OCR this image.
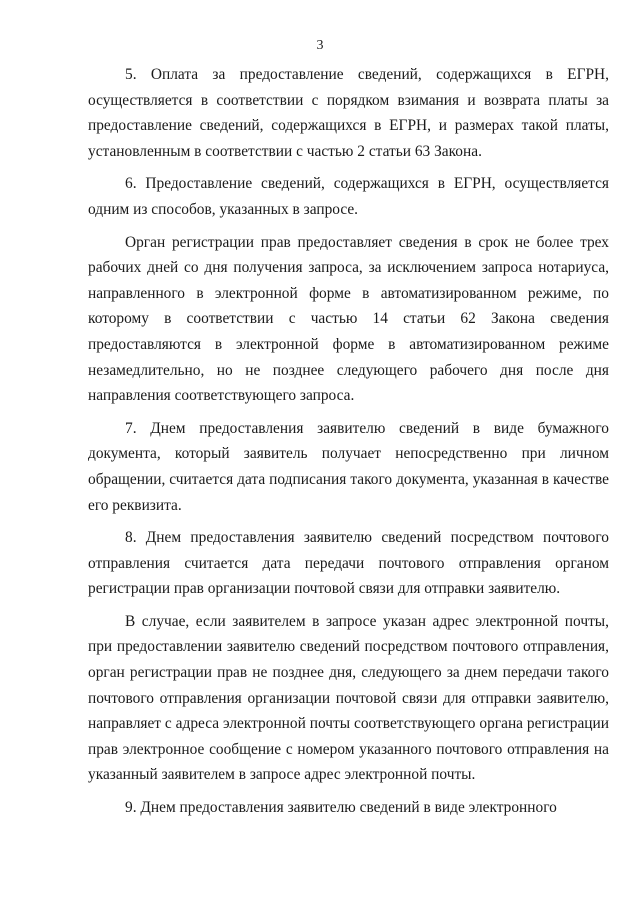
3

5. Оплата за предоставление сведений, содержащихся в ЕГРН, осуществляется в соответствии с порядком взимания и возврата платы за предоставление сведений, содержащихся в ЕГРН, и размерах такой платы, установленным в соответствии с частью 2 статьи 63 Закона.

6. Предоставление сведений, содержащихся в ЕГРН, осуществляется одним из способов, указанных в запросе.

Орган регистрации прав предоставляет сведения в срок не более трех рабочих дней со дня получения запроса, за исключением запроса нотариуса, направленного в электронной форме в автоматизированном режиме, по которому в соответствии с частью 14 статьи 62 Закона сведения предоставляются в электронной форме в автоматизированном режиме незамедлительно, но не позднее следующего рабочего дня после дня направления соответствующего запроса.

7. Днем предоставления заявителю сведений в виде бумажного документа, который заявитель получает непосредственно при личном обращении, считается дата подписания такого документа, указанная в качестве его реквизита.

8. Днем предоставления заявителю сведений посредством почтового отправления считается дата передачи почтового отправления органом регистрации прав организации почтовой связи для отправки заявителю.

В случае, если заявителем в запросе указан адрес электронной почты, при предоставлении заявителю сведений посредством почтового отправления, орган регистрации прав не позднее дня, следующего за днем передачи такого почтового отправления организации почтовой связи для отправки заявителю, направляет с адреса электронной почты соответствующего органа регистрации прав электронное сообщение с номером указанного почтового отправления на указанный заявителем в запросе адрес электронной почты.

9. Днем предоставления заявителю сведений в виде электронного
